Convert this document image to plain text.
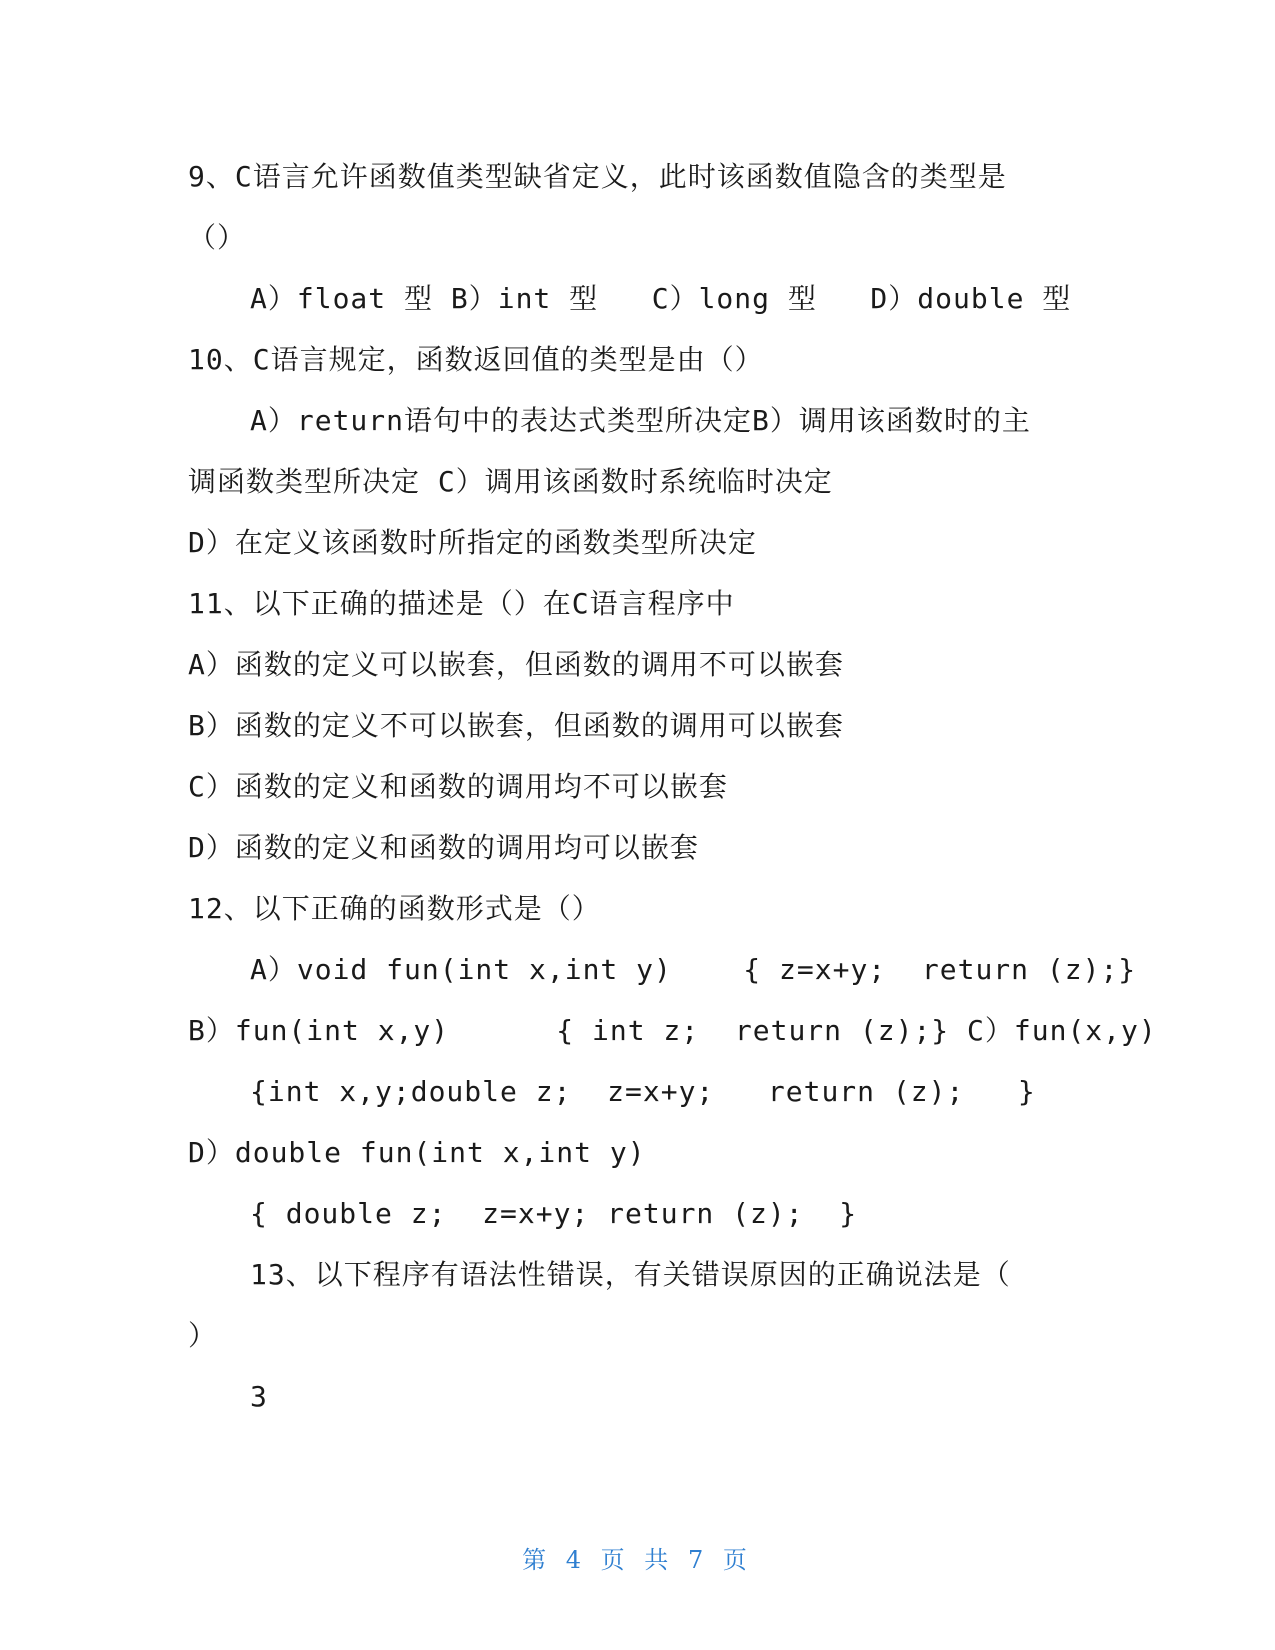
9、C语言允许函数值类型缺省定义，此时该函数值隐含的类型是
（）
A）float 型 B）int 型   C）long 型   D）double 型
10、C语言规定，函数返回值的类型是由（）
A）return语句中的表达式类型所决定B）调用该函数时的主
调函数类型所决定 C）调用该函数时系统临时决定
D）在定义该函数时所指定的函数类型所决定
11、以下正确的描述是（）在C语言程序中
A）函数的定义可以嵌套，但函数的调用不可以嵌套
B）函数的定义不可以嵌套，但函数的调用可以嵌套
C）函数的定义和函数的调用均不可以嵌套
D）函数的定义和函数的调用均可以嵌套
12、以下正确的函数形式是（）
A）void fun(int x,int y)    { z=x+y;  return (z);}
B）fun(int x,y)      { int z;  return (z);} C）fun(x,y)
{int x,y;double z;  z=x+y;   return (z);   }
D）double fun(int x,int y)
{ double z;  z=x+y; return (z);  }
13、以下程序有语法性错误，有关错误原因的正确说法是（
）
3
第 4 页 共 7 页
